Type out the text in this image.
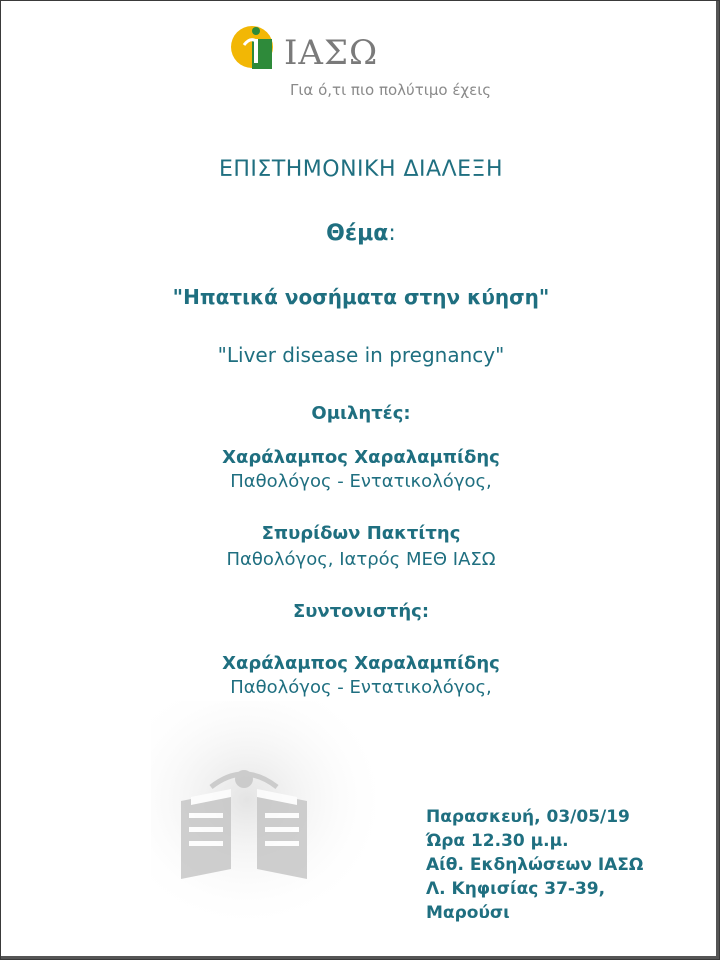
ΙΑΣΩ
Για ό,τι πιο πολύτιμο έχεις
ΕΠΙΣΤΗΜΟΝΙΚΗ ΔΙΑΛΕΞΗ
Θέμα:
"Ηπατικά νοσήματα στην κύηση"
"Liver disease in pregnancy"
Ομιλητές:
Χαράλαμπος Χαραλαμπίδης
Παθολόγος - Εντατικολόγος,
Σπυρίδων Πακτίτης
Παθολόγος, Ιατρός ΜΕΘ ΙΑΣΩ
Συντονιστής:
Χαράλαμπος Χαραλαμπίδης
Παθολόγος - Εντατικολόγος,
Παρασκευή, 03/05/19
Ώρα 12.30 μ.μ.
Αίθ. Εκδηλώσεων ΙΑΣΩ
Λ. Κηφισίας 37-39,
Μαρούσι
